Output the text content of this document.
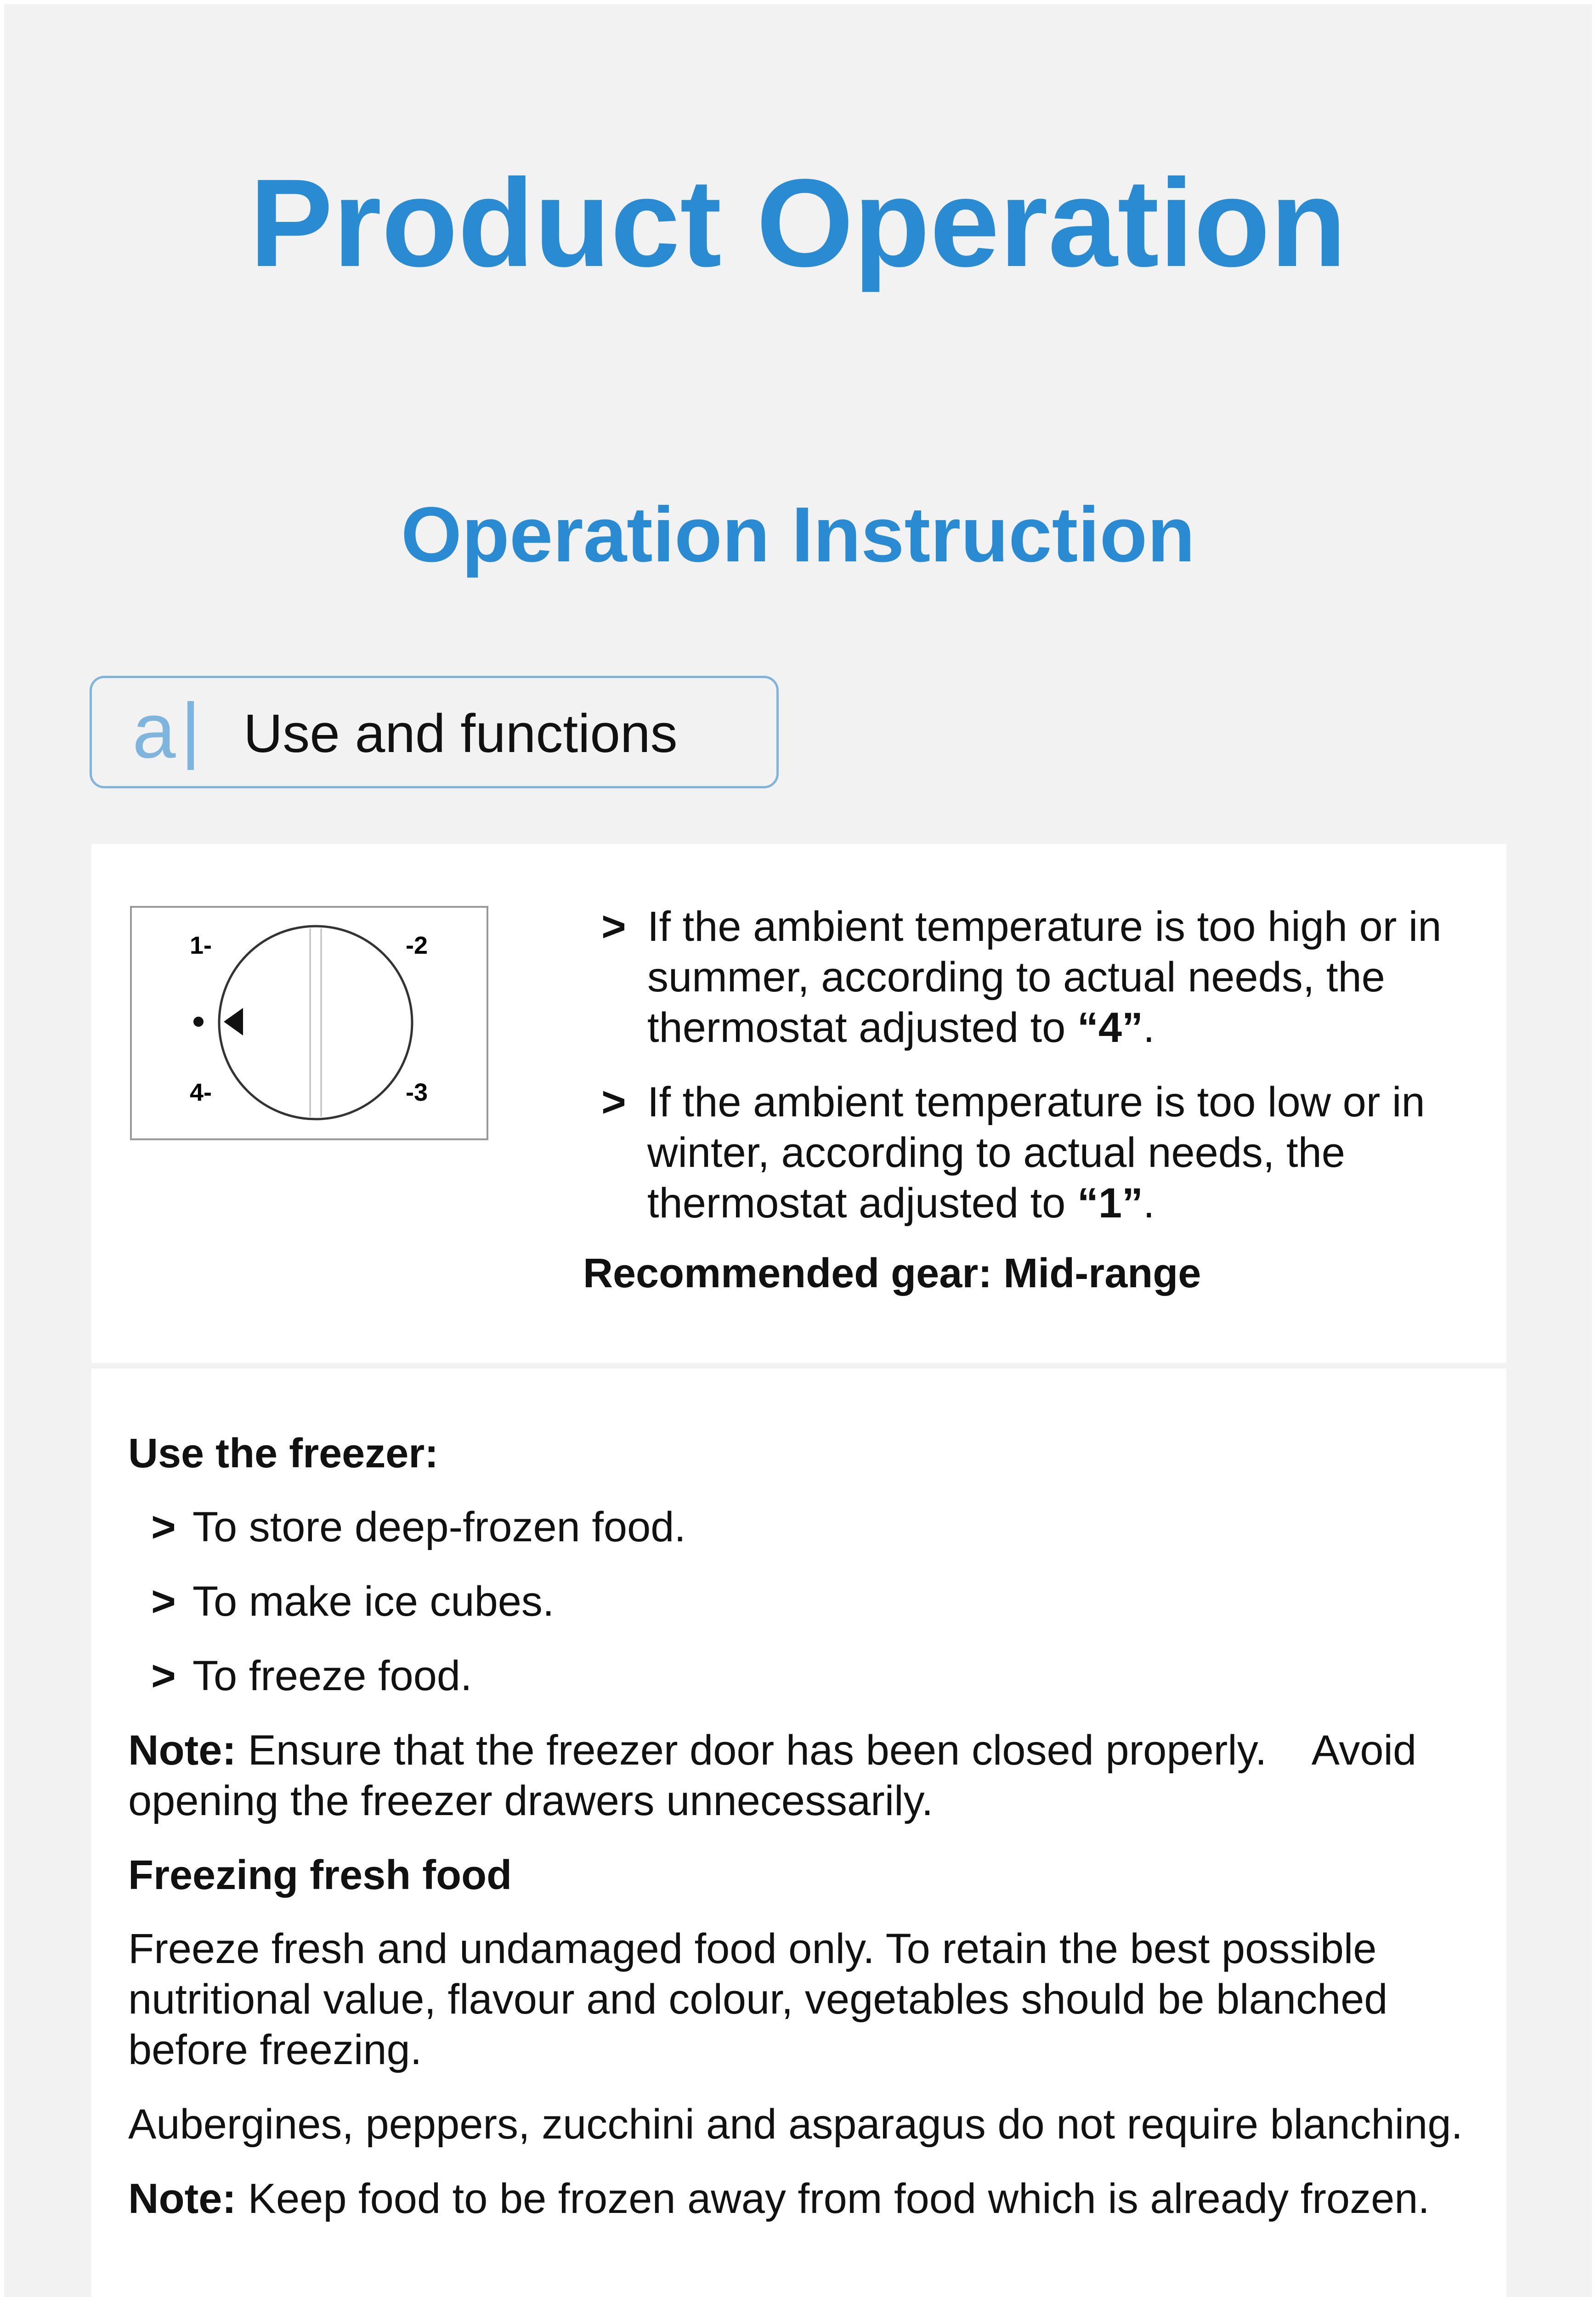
Product Operation
Operation Instruction
a Use and functions
1-	-2
4-	-3
> If the ambient temperature is too high or in summer, according to actual needs, the thermostat adjusted to “4”.
> If the ambient temperature is too low or in winter, according to actual needs, the thermostat adjusted to “1”.
Recommended gear: Mid-range
Use the freezer:
> To store deep-frozen food.
> To make ice cubes.
> To freeze food.
Note: Ensure that the freezer door has been closed properly.    Avoid opening the freezer drawers unnecessarily.
Freezing fresh food
Freeze fresh and undamaged food only. To retain the best possible nutritional value, flavour and colour, vegetables should be blanched before freezing.
Aubergines, peppers, zucchini and asparagus do not require blanching.
Note: Keep food to be frozen away from food which is already frozen.
